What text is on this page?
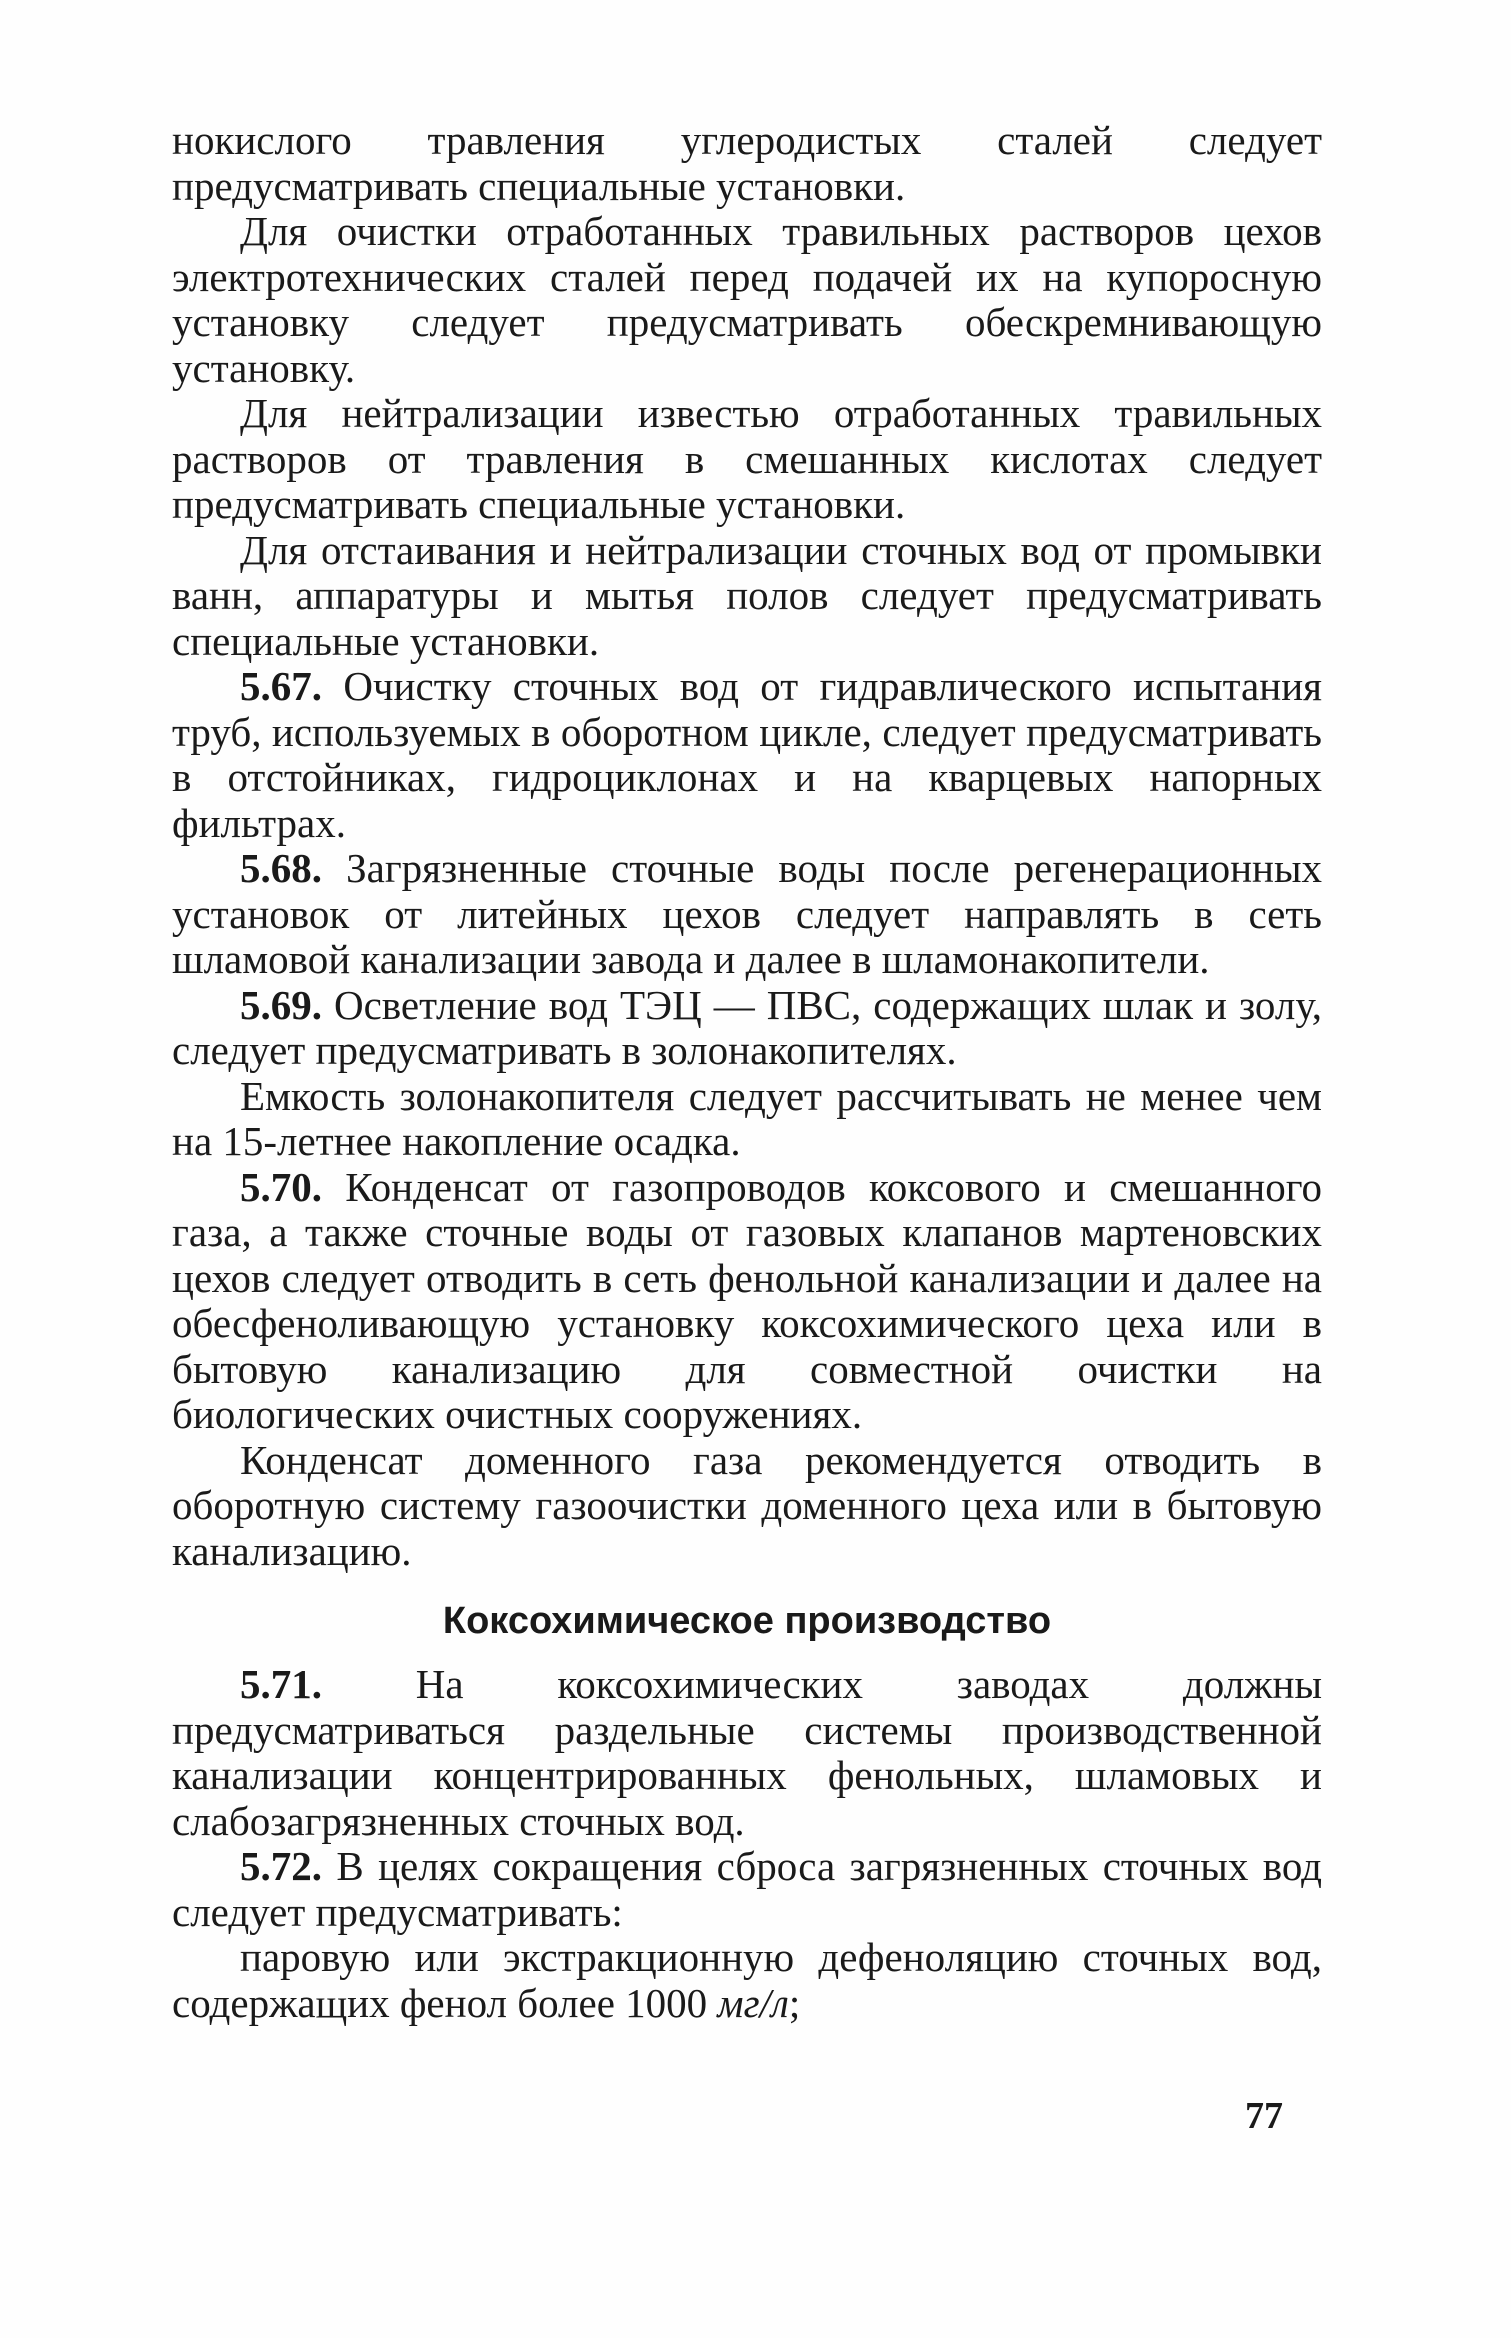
нокислого травления углеродистых сталей следует предусматривать специальные установки.

Для очистки отработанных травильных растворов цехов электротехнических сталей перед подачей их на купоросную установку следует предусматривать обескремнивающую установку.

Для нейтрализации известью отработанных травильных растворов от травления в смешанных кислотах следует предусматривать специальные установки.

Для отстаивания и нейтрализации сточных вод от промывки ванн, аппаратуры и мытья полов следует предусматривать специальные установки.

5.67. Очистку сточных вод от гидравлического испытания труб, используемых в оборотном цикле, следует предусматривать в отстойниках, гидроциклонах и на кварцевых напорных фильтрах.

5.68. Загрязненные сточные воды после регенерационных установок от литейных цехов следует направлять в сеть шламовой канализации завода и далее в шламонакопители.

5.69. Осветление вод ТЭЦ — ПВС, содержащих шлак и золу, следует предусматривать в золонакопителях.

Емкость золонакопителя следует рассчитывать не менее чем на 15-летнее накопление осадка.

5.70. Конденсат от газопроводов коксового и смешанного газа, а также сточные воды от газовых клапанов мартеновских цехов следует отводить в сеть фенольной канализации и далее на обесфеноливающую установку коксохимического цеха или в бытовую канализацию для совместной очистки на биологических очистных сооружениях.

Конденсат доменного газа рекомендуется отводить в оборотную систему газоочистки доменного цеха или в бытовую канализацию.

Коксохимическое производство

5.71. На коксохимических заводах должны предусматриваться раздельные системы производственной канализации концентрированных фенольных, шламовых и слабозагрязненных сточных вод.

5.72. В целях сокращения сброса загрязненных сточных вод следует предусматривать:

паровую или экстракционную дефеноляцию сточных вод, содержащих фенол более 1000 мг/л;

77
